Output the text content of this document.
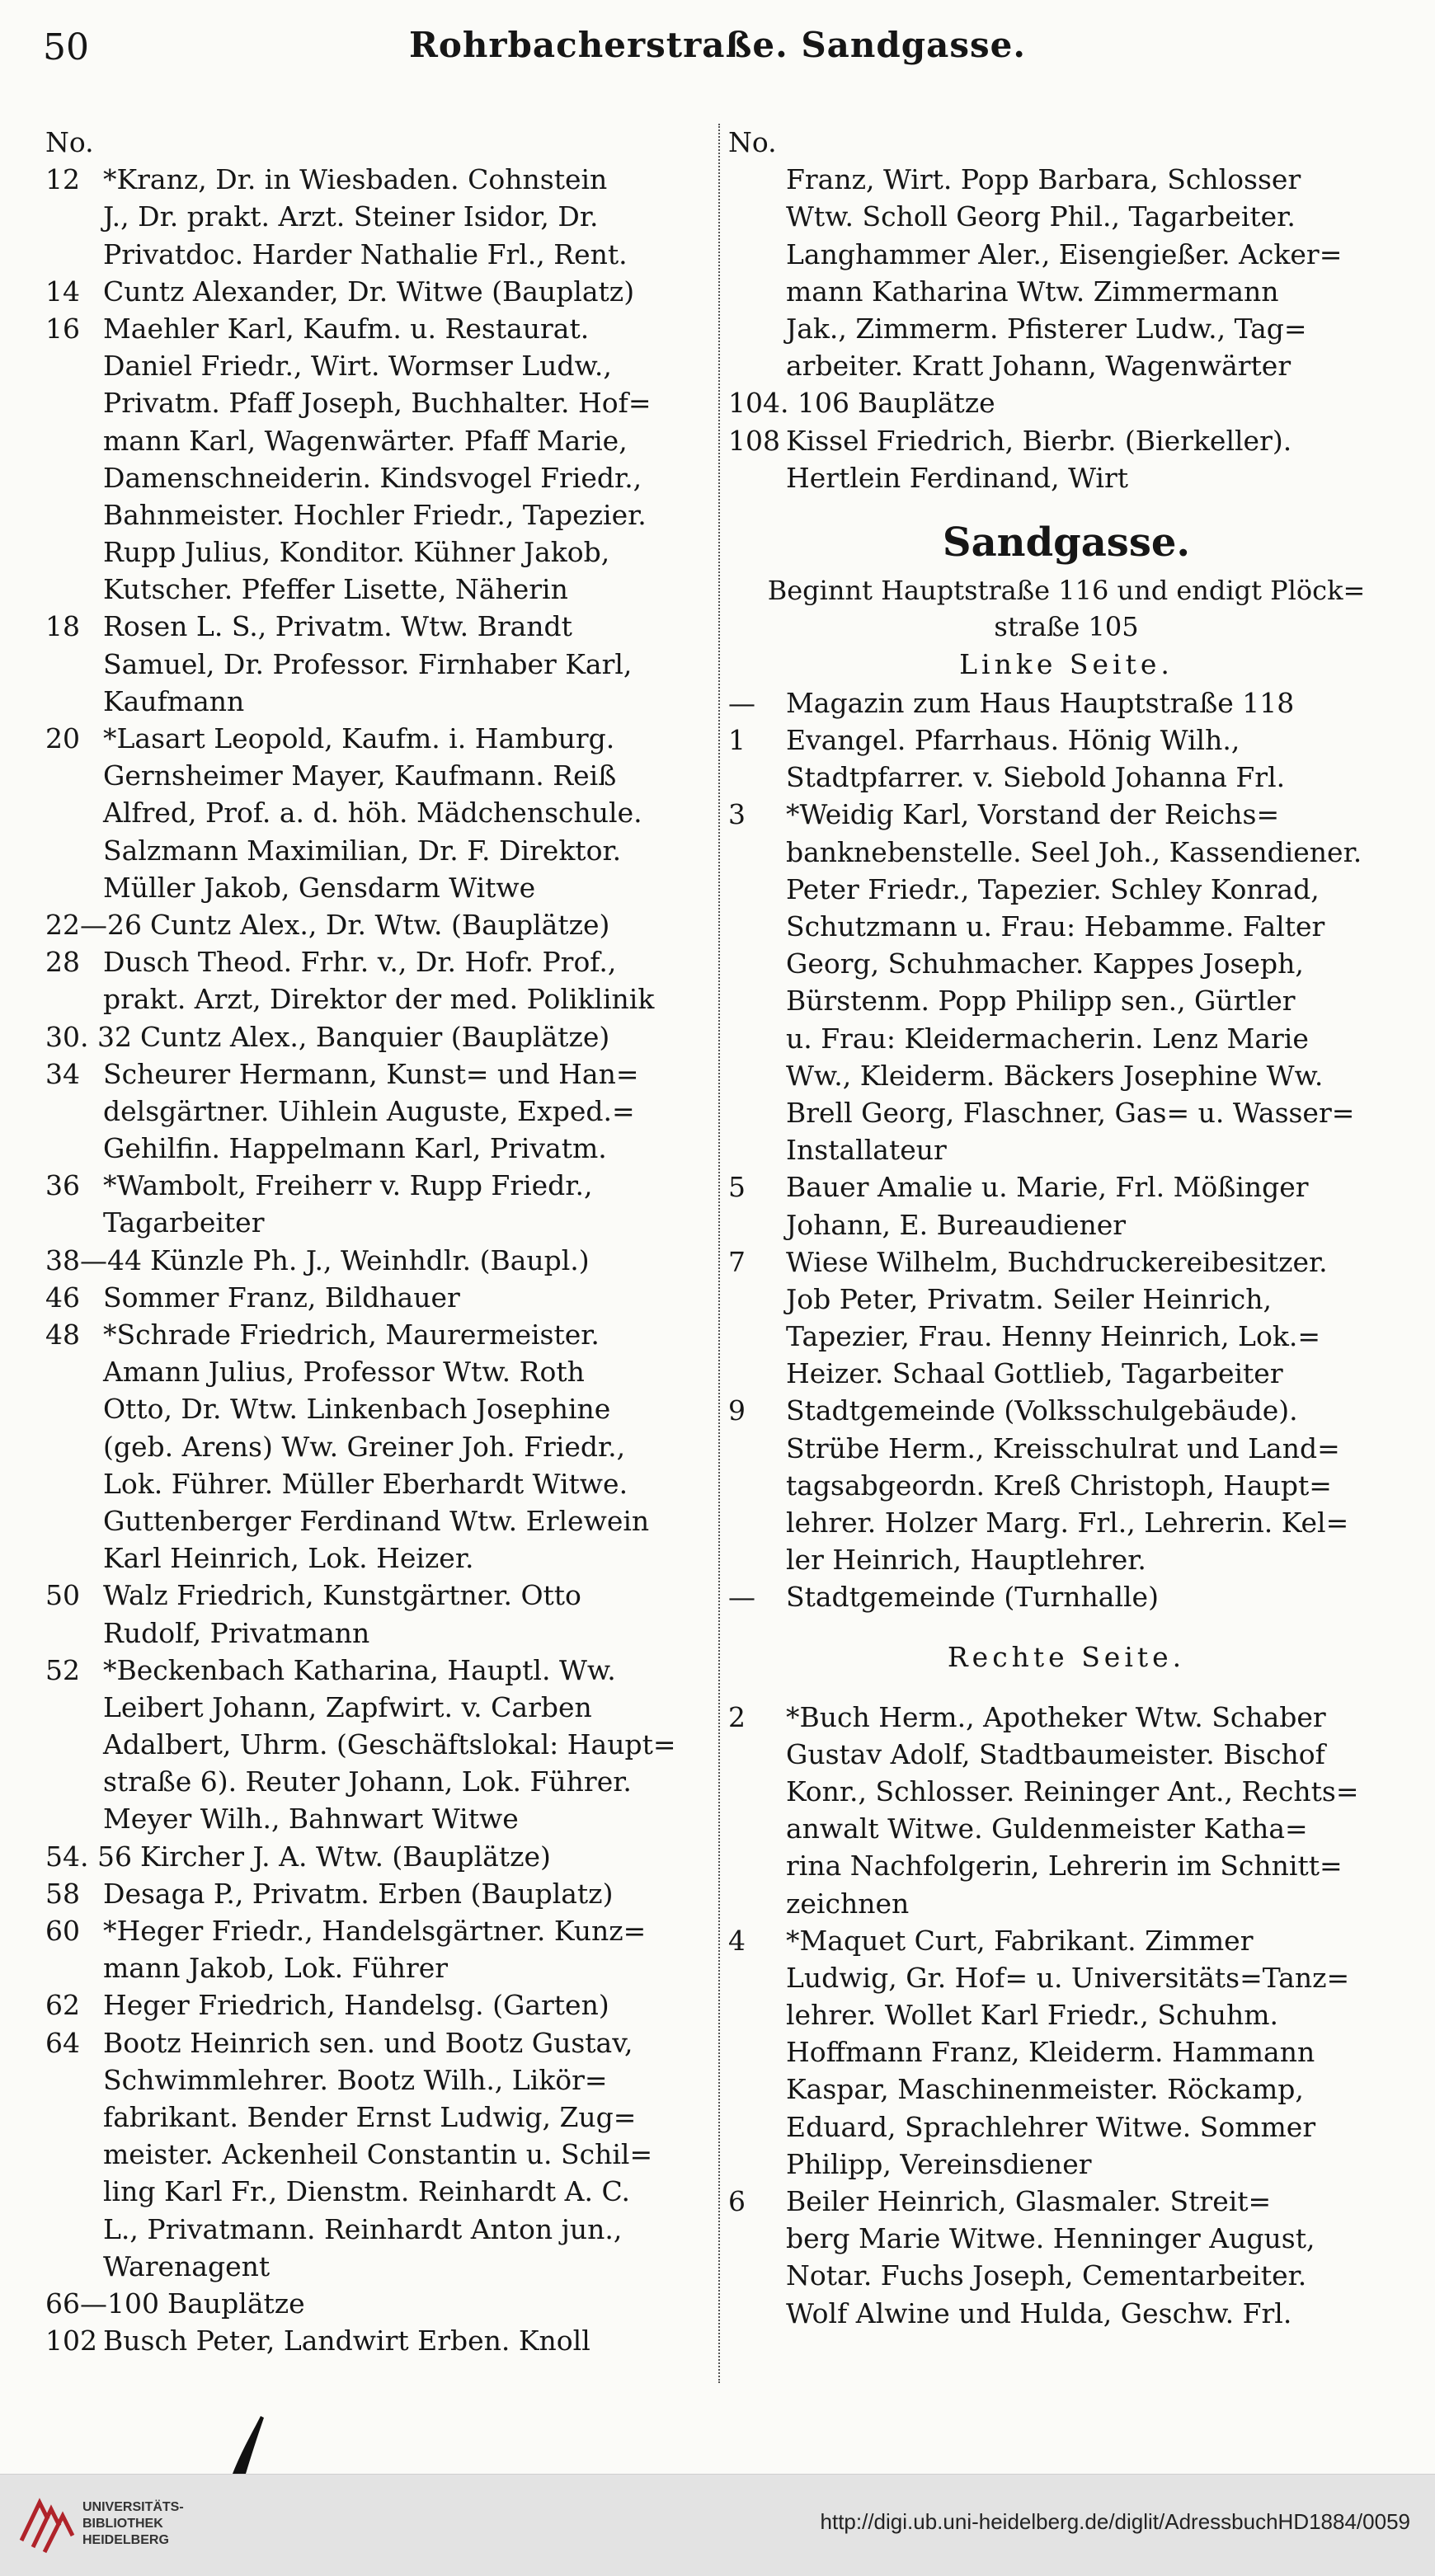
50	Rohrbacherstraße. Sandgasse.
No.
12 *Kranz, Dr. in Wiesbaden. Cohnstein
J., Dr. prakt. Arzt. Steiner Isidor, Dr.
Privatdoc. Harder Nathalie Frl., Rent.
14 Cuntz Alexander, Dr. Witwe (Bauplatz)
16 Maehler Karl, Kaufm. u. Restaurat.
Daniel Friedr., Wirt. Wormser Ludw.,
Privatm. Pfaff Joseph, Buchhalter. Hof=
mann Karl, Wagenwärter. Pfaff Marie,
Damenschneiderin. Kindsvogel Friedr.,
Bahnmeister. Hochler Friedr., Tapezier.
Rupp Julius, Konditor. Kühner Jakob,
Kutscher. Pfeffer Lisette, Näherin
18 Rosen L. S., Privatm. Wtw. Brandt
Samuel, Dr. Professor. Firnhaber Karl,
Kaufmann
20 *Lasart Leopold, Kaufm. i. Hamburg.
Gernsheimer Mayer, Kaufmann. Reiß
Alfred, Prof. a. d. höh. Mädchenschule.
Salzmann Maximilian, Dr. F. Direktor.
Müller Jakob, Gensdarm Witwe
22—26 Cuntz Alex., Dr. Wtw. (Bauplätze)
28 Dusch Theod. Frhr. v., Dr. Hofr. Prof.,
prakt. Arzt, Direktor der med. Poliklinik
30. 32 Cuntz Alex., Banquier (Bauplätze)
34 Scheurer Hermann, Kunst= und Han=
delsgärtner. Uihlein Auguste, Exped.=
Gehilfin. Happelmann Karl, Privatm.
36 *Wambolt, Freiherr v. Rupp Friedr.,
Tagarbeiter
38—44 Künzle Ph. J., Weinhdlr. (Baupl.)
46 Sommer Franz, Bildhauer
48 *Schrade Friedrich, Maurermeister.
Amann Julius, Professor Wtw. Roth
Otto, Dr. Wtw. Linkenbach Josephine
(geb. Arens) Ww. Greiner Joh. Friedr.,
Lok. Führer. Müller Eberhardt Witwe.
Guttenberger Ferdinand Wtw. Erlewein
Karl Heinrich, Lok. Heizer.
50 Walz Friedrich, Kunstgärtner. Otto
Rudolf, Privatmann
52 *Beckenbach Katharina, Hauptl. Ww.
Leibert Johann, Zapfwirt. v. Carben
Adalbert, Uhrm. (Geschäftslokal: Haupt=
straße 6). Reuter Johann, Lok. Führer.
Meyer Wilh., Bahnwart Witwe
54. 56 Kircher J. A. Wtw. (Bauplätze)
58 Desaga P., Privatm. Erben (Bauplatz)
60 *Heger Friedr., Handelsgärtner. Kunz=
mann Jakob, Lok. Führer
62 Heger Friedrich, Handelsg. (Garten)
64 Bootz Heinrich sen. und Bootz Gustav,
Schwimmlehrer. Bootz Wilh., Likör=
fabrikant. Bender Ernst Ludwig, Zug=
meister. Ackenheil Constantin u. Schil=
ling Karl Fr., Dienstm. Reinhardt A. C.
L., Privatmann. Reinhardt Anton jun.,
Warenagent
66—100 Bauplätze
102 Busch Peter, Landwirt Erben. Knoll
No.
Franz, Wirt. Popp Barbara, Schlosser
Wtw. Scholl Georg Phil., Tagarbeiter.
Langhammer Aler., Eisengießer. Acker=
mann Katharina Wtw. Zimmermann
Jak., Zimmerm. Pfisterer Ludw., Tag=
arbeiter. Kratt Johann, Wagenwärter
104. 106 Bauplätze
108 Kissel Friedrich, Bierbr. (Bierkeller).
Hertlein Ferdinand, Wirt
Sandgasse.
Beginnt Hauptstraße 116 und endigt Plöck=
straße 105
Linke Seite.
— Magazin zum Haus Hauptstraße 118
1 Evangel. Pfarrhaus. Hönig Wilh.,
Stadtpfarrer. v. Siebold Johanna Frl.
3 *Weidig Karl, Vorstand der Reichs=
banknebenstelle. Seel Joh., Kassendiener.
Peter Friedr., Tapezier. Schley Konrad,
Schutzmann u. Frau: Hebamme. Falter
Georg, Schuhmacher. Kappes Joseph,
Bürstenm. Popp Philipp sen., Gürtler
u. Frau: Kleidermacherin. Lenz Marie
Ww., Kleiderm. Bäckers Josephine Ww.
Brell Georg, Flaschner, Gas= u. Wasser=
Installateur
5 Bauer Amalie u. Marie, Frl. Mößinger
Johann, E. Bureaudiener
7 Wiese Wilhelm, Buchdruckereibesitzer.
Job Peter, Privatm. Seiler Heinrich,
Tapezier, Frau. Henny Heinrich, Lok.=
Heizer. Schaal Gottlieb, Tagarbeiter
9 Stadtgemeinde (Volksschulgebäude).
Strübe Herm., Kreisschulrat und Land=
tagsabgeordn. Kreß Christoph, Haupt=
lehrer. Holzer Marg. Frl., Lehrerin. Kel=
ler Heinrich, Hauptlehrer.
— Stadtgemeinde (Turnhalle)
Rechte Seite.
2 *Buch Herm., Apotheker Wtw. Schaber
Gustav Adolf, Stadtbaumeister. Bischof
Konr., Schlosser. Reininger Ant., Rechts=
anwalt Witwe. Guldenmeister Katha=
rina Nachfolgerin, Lehrerin im Schnitt=
zeichnen
4 *Maquet Curt, Fabrikant. Zimmer
Ludwig, Gr. Hof= u. Universitäts=Tanz=
lehrer. Wollet Karl Friedr., Schuhm.
Hoffmann Franz, Kleiderm. Hammann
Kaspar, Maschinenmeister. Röckamp,
Eduard, Sprachlehrer Witwe. Sommer
Philipp, Vereinsdiener
6 Beiler Heinrich, Glasmaler. Streit=
berg Marie Witwe. Henninger August,
Notar. Fuchs Joseph, Cementarbeiter.
Wolf Alwine und Hulda, Geschw. Frl.
UNIVERSITÄTS-
BIBLIOTHEK
HEIDELBERG
http://digi.ub.uni-heidelberg.de/diglit/AdressbuchHD1884/0059
